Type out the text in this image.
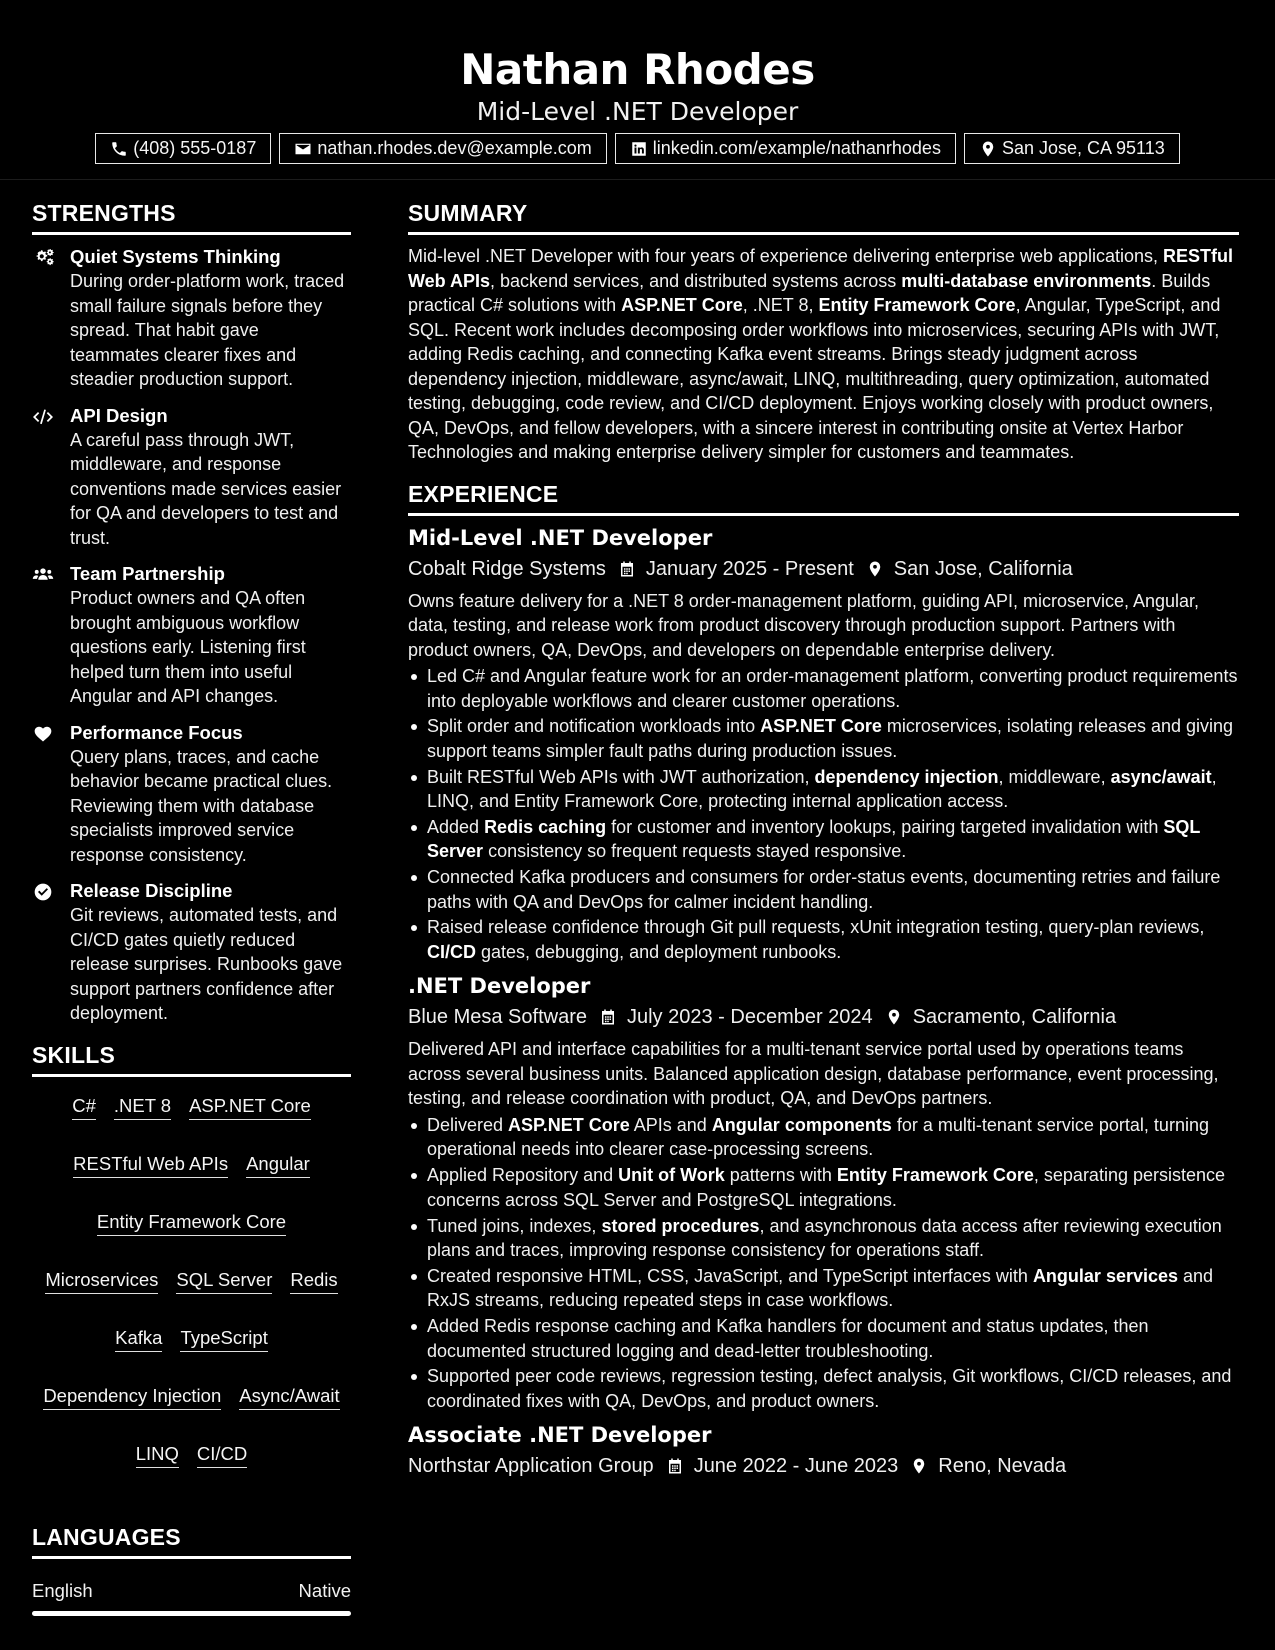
Nathan Rhodes
Mid-Level .NET Developer
(408) 555-0187	nathan.rhodes.dev@example.com	linkedin.com/example/nathanrhodes	San Jose, CA 95113
STRENGTHS
Quiet Systems Thinking
During order-platform work, traced small failure signals before they spread. That habit gave teammates clearer fixes and steadier production support.
API Design
A careful pass through JWT, middleware, and response conventions made services easier for QA and developers to test and trust.
Team Partnership
Product owners and QA often brought ambiguous workflow questions early. Listening first helped turn them into useful Angular and API changes.
Performance Focus
Query plans, traces, and cache behavior became practical clues. Reviewing them with database specialists improved service response consistency.
Release Discipline
Git reviews, automated tests, and CI/CD gates quietly reduced release surprises. Runbooks gave support partners confidence after deployment.
SKILLS
C# .NET 8 ASP.NET Core
RESTful Web APIs Angular
Entity Framework Core
Microservices SQL Server Redis
Kafka TypeScript
Dependency Injection Async/Await
LINQ CI/CD
LANGUAGES
English	Native
SUMMARY

Mid-level .NET Developer with four years of experience delivering enterprise web applications, RESTful Web APIs, backend services, and distributed systems across multi-database environments. Builds practical C# solutions with ASP.NET Core, .NET 8, Entity Framework Core, Angular, TypeScript, and SQL. Recent work includes decomposing order workflows into microservices, securing APIs with JWT, adding Redis caching, and connecting Kafka event streams. Brings steady judgment across dependency injection, middleware, async/await, LINQ, multithreading, query optimization, automated testing, debugging, code review, and CI/CD deployment. Enjoys working closely with product owners, QA, DevOps, and fellow developers, with a sincere interest in contributing onsite at Vertex Harbor Technologies and making enterprise delivery simpler for customers and teammates.

EXPERIENCE
Mid-Level .NET Developer
Cobalt Ridge Systems January 2025 - Present San Jose, California
Owns feature delivery for a .NET 8 order-management platform, guiding API, microservice, Angular, data, testing, and release work from product discovery through production support. Partners with product owners, QA, DevOps, and developers on dependable enterprise delivery.
Led C# and Angular feature work for an order-management platform, converting product requirements into deployable workflows and clearer customer operations.
Split order and notification workloads into ASP.NET Core microservices, isolating releases and giving support teams simpler fault paths during production issues.
Built RESTful Web APIs with JWT authorization, dependency injection, middleware, async/await, LINQ, and Entity Framework Core, protecting internal application access.
Added Redis caching for customer and inventory lookups, pairing targeted invalidation with SQL Server consistency so frequent requests stayed responsive.
Connected Kafka producers and consumers for order-status events, documenting retries and failure paths with QA and DevOps for calmer incident handling.
Raised release confidence through Git pull requests, xUnit integration testing, query-plan reviews, CI/CD gates, debugging, and deployment runbooks.
.NET Developer
Blue Mesa Software July 2023 - December 2024 Sacramento, California
Delivered API and interface capabilities for a multi-tenant service portal used by operations teams across several business units. Balanced application design, database performance, event processing, testing, and release coordination with product, QA, and DevOps partners.
Delivered ASP.NET Core APIs and Angular components for a multi-tenant service portal, turning operational needs into clearer case-processing screens.
Applied Repository and Unit of Work patterns with Entity Framework Core, separating persistence concerns across SQL Server and PostgreSQL integrations.
Tuned joins, indexes, stored procedures, and asynchronous data access after reviewing execution plans and traces, improving response consistency for operations staff.
Created responsive HTML, CSS, JavaScript, and TypeScript interfaces with Angular services and RxJS streams, reducing repeated steps in case workflows.
Added Redis response caching and Kafka handlers for document and status updates, then documented structured logging and dead-letter troubleshooting.
Supported peer code reviews, regression testing, defect analysis, Git workflows, CI/CD releases, and coordinated fixes with QA, DevOps, and product owners.
Associate .NET Developer
Northstar Application Group June 2022 - June 2023 Reno, Nevada
